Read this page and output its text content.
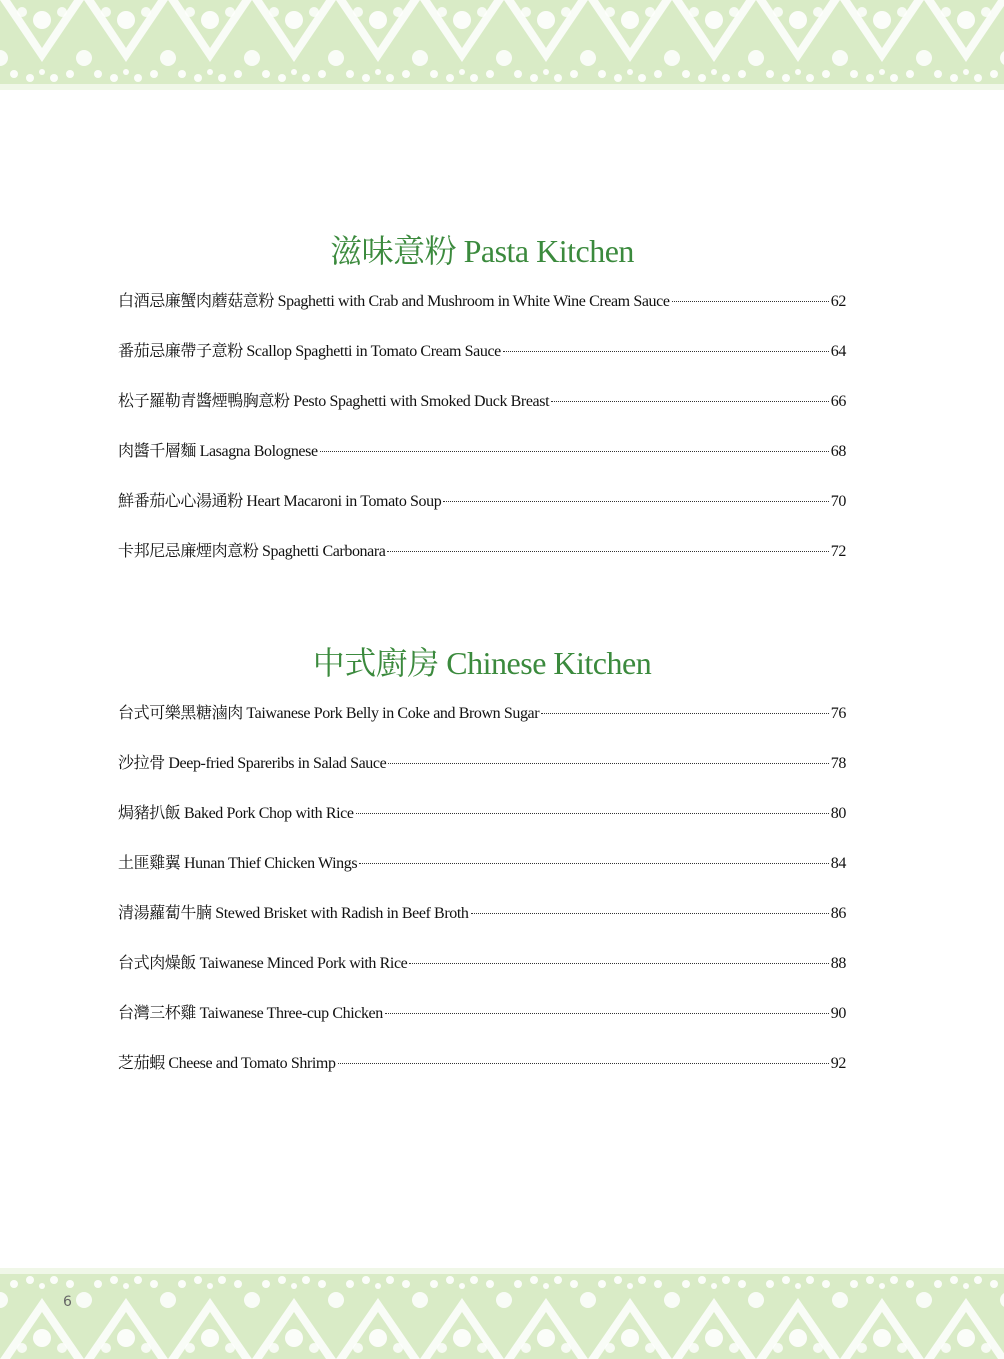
滋味意粉 Pasta Kitchen
白酒忌廉蟹肉蘑菇意粉 Spaghetti with Crab and Mushroom in White Wine Cream Sauce	62
番茄忌廉帶子意粉 Scallop Spaghetti in Tomato Cream Sauce	64
松子羅勒青醬煙鴨胸意粉 Pesto Spaghetti with Smoked Duck Breast	66
肉醬千層麵 Lasagna Bolognese	68
鮮番茄心心湯通粉 Heart Macaroni in Tomato Soup	70
卡邦尼忌廉煙肉意粉 Spaghetti Carbonara	72
中式廚房 Chinese Kitchen
台式可樂黑糖滷肉 Taiwanese Pork Belly in Coke and Brown Sugar	76
沙拉骨 Deep-fried Spareribs in Salad Sauce	78
焗豬扒飯 Baked Pork Chop with Rice	80
土匪雞翼 Hunan Thief Chicken Wings	84
清湯蘿蔔牛腩 Stewed Brisket with Radish in Beef Broth	86
台式肉燥飯 Taiwanese Minced Pork with Rice	88
台灣三杯雞 Taiwanese Three-cup Chicken	90
芝茄蝦 Cheese and Tomato Shrimp	92
6
